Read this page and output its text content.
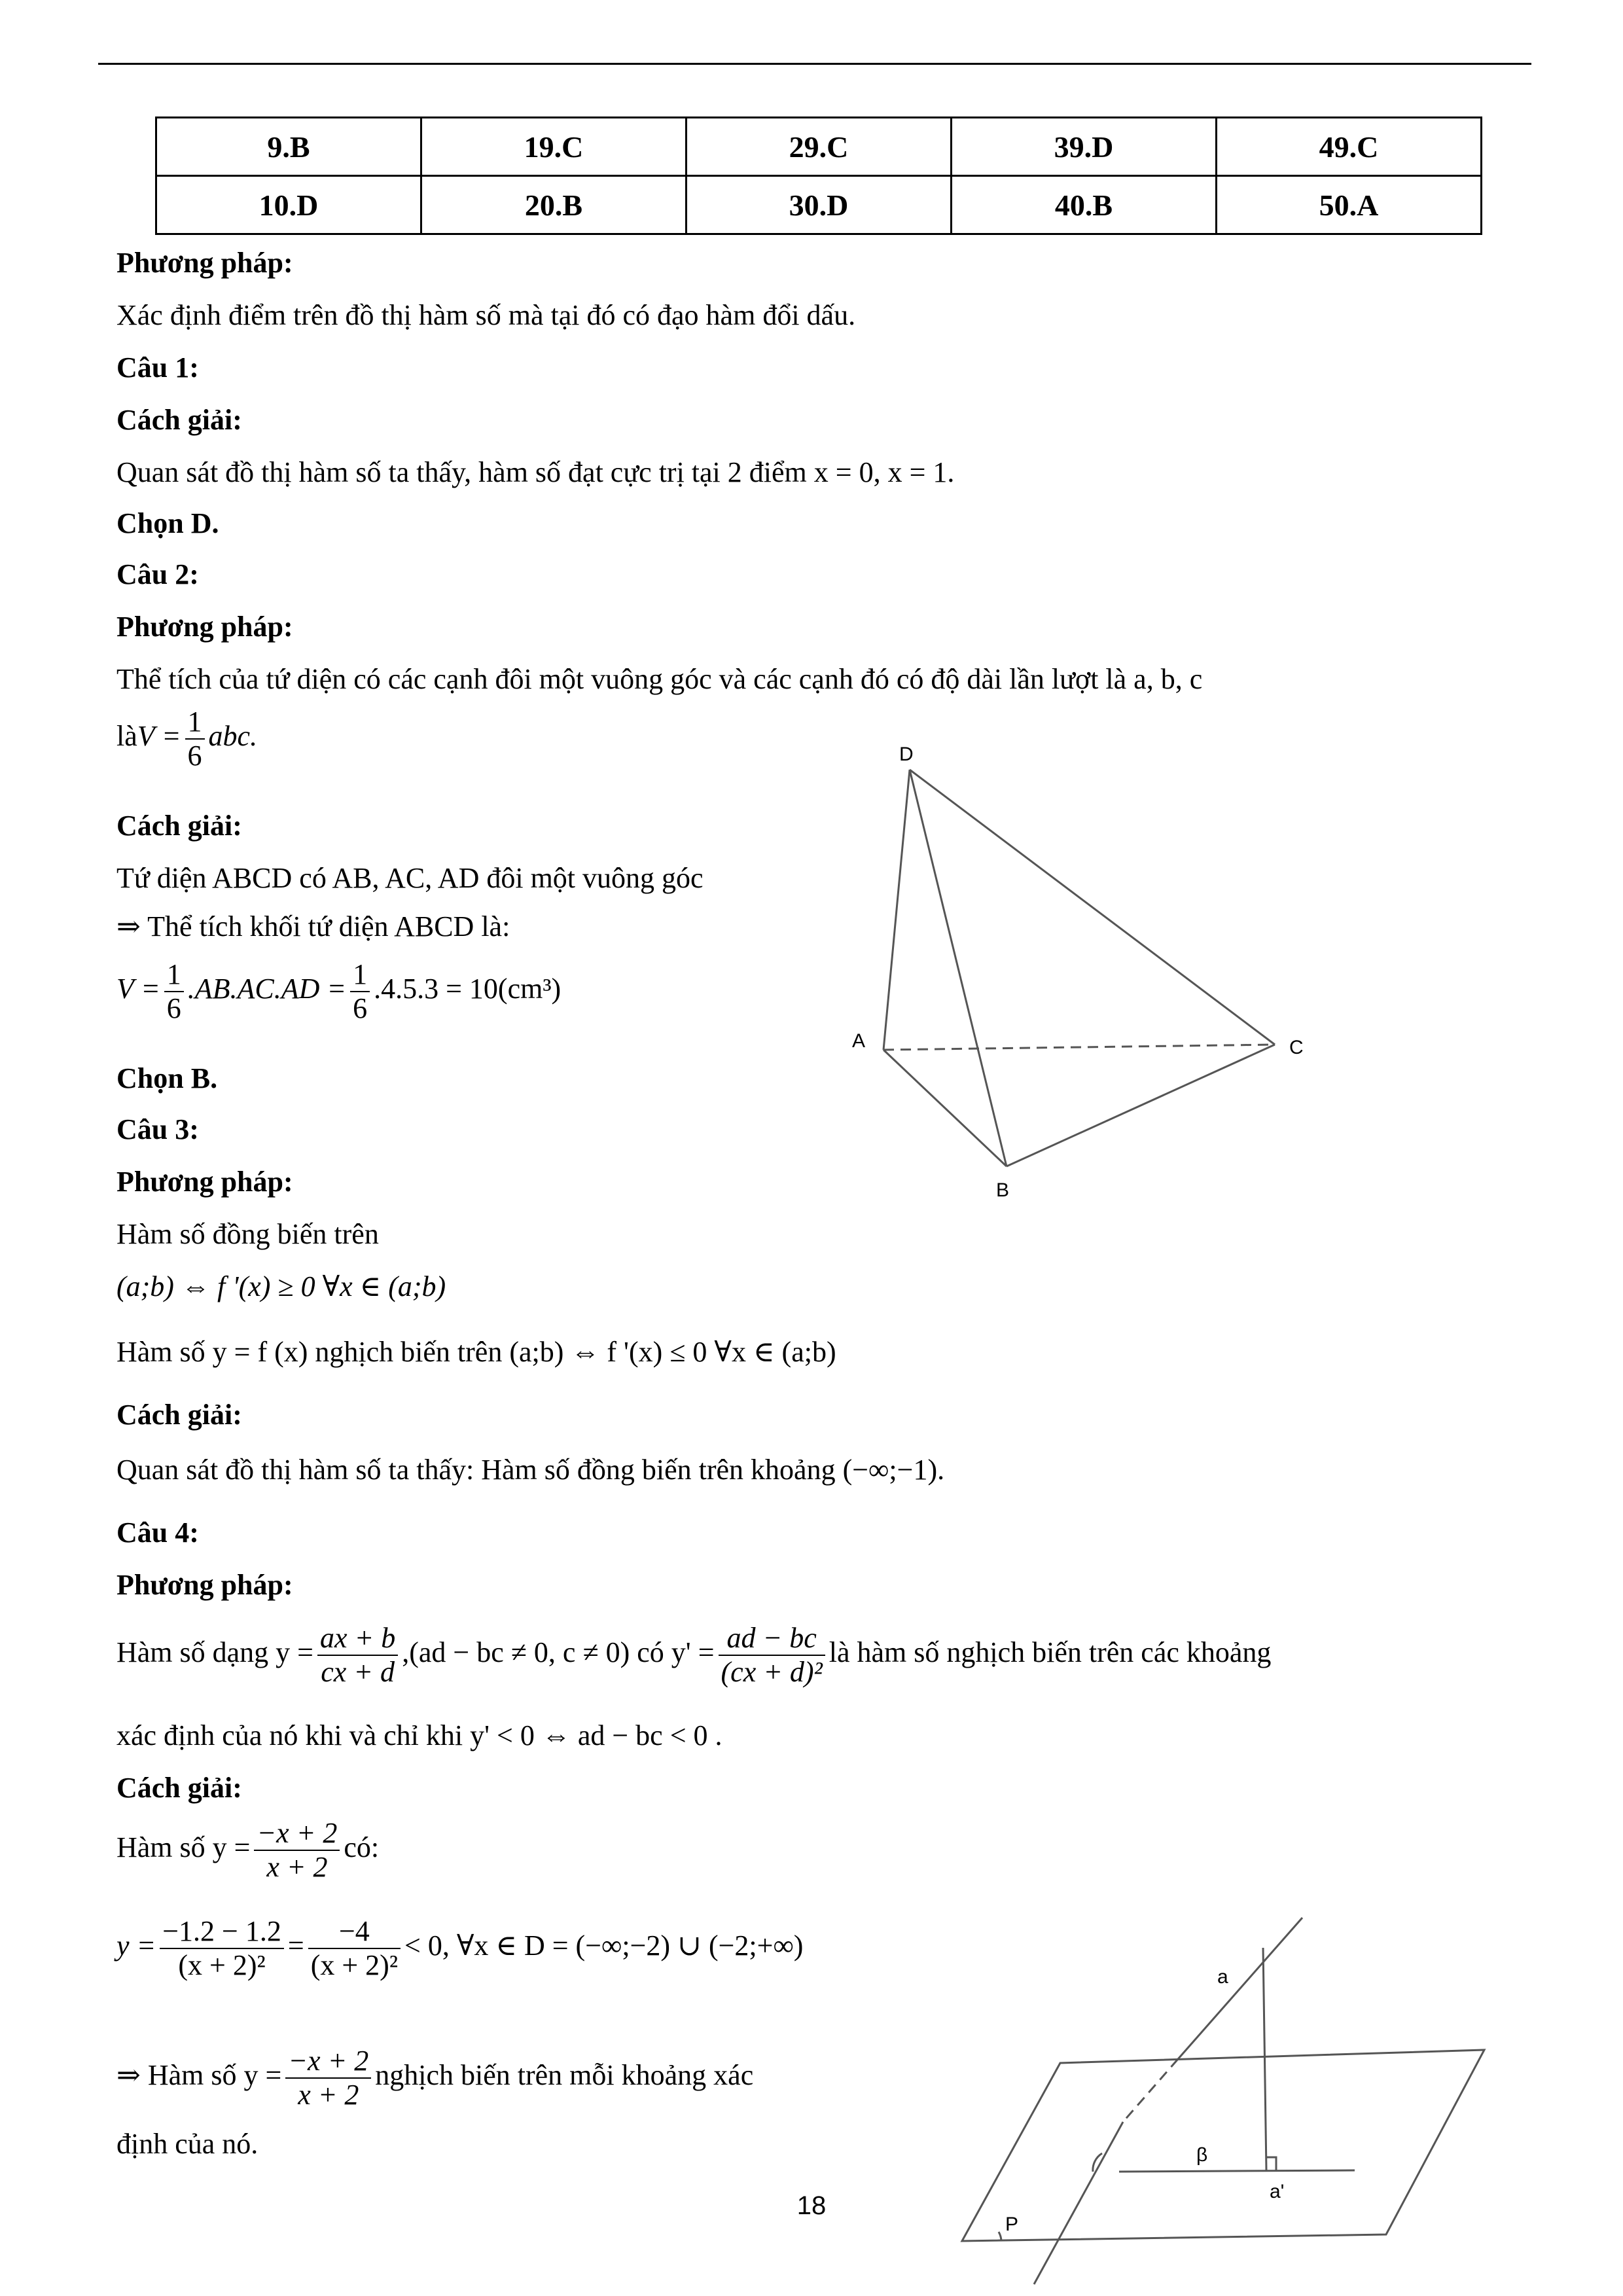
9.B	19.C	29.C	39.D	49.C
10.D	20.B	30.D	40.B	50.A
Phương pháp:
Xác định điểm trên đồ thị hàm số mà tại đó có đạo hàm đổi dấu.
Câu 1:
Cách giải:
Quan sát đồ thị hàm số ta thấy, hàm số đạt cực trị tại 2 điểm x = 0, x = 1.
Chọn D.
Câu 2:
Phương pháp:
Thể tích của tứ diện có các cạnh đôi một vuông góc và các cạnh đó có độ dài lần lượt là a, b, c
làV = $\frac{1}{6}$ abc.
Cách giải:
Tứ diện ABCD có AB, AC, AD đôi một vuông góc
⇒ Thể tích khối tứ diện ABCD là:
$V = \frac{1}{6} .AB.AC.AD = \frac{1}{6} .4.5.3 = 10(cm^3)$
Chọn B.
Câu 3:
Phương pháp:
Hàm số đồng biến trên
(a;b) ⇔ f '(x) ≥ 0 ∀x ∈ (a;b)
Hàm số y = f (x) nghịch biến trên (a;b) ⇔ f '(x) ≤ 0 ∀x ∈ (a;b)
Cách giải:
Quan sát đồ thị hàm số ta thấy: Hàm số đồng biến trên khoảng (−∞;−1).
Câu 4:
Phương pháp:
Hàm số dạng $y = \frac{ax + b}{cx + d} ,(ad$ − bc ≠ 0, c ≠ 0) có $y' = \frac{ad - bc}{\text{(cx + d)²}}$ là hàm số nghịch biến trên các khoảng
xác định của nó khi và chỉ khi y' < 0 ⇔ ad − bc < 0 .
Cách giải:
Hàm số $y = \frac{-x + 2}{x + 2}$ có:
$y = \frac{-1.2 - 1.2}{\text{(x + 2)²}} = \frac{-4}{\text{(x + 2)²}} < 0$, ∀x ∈ D = (−∞;−2) ∪ (−2;+∞)
⇒ Hàm số $y = \frac{-x + 2}{x + 2}$ nghịch biến trên mỗi khoảng xác
định của nó.
D
A	C
B
a
β
a'
P
18
